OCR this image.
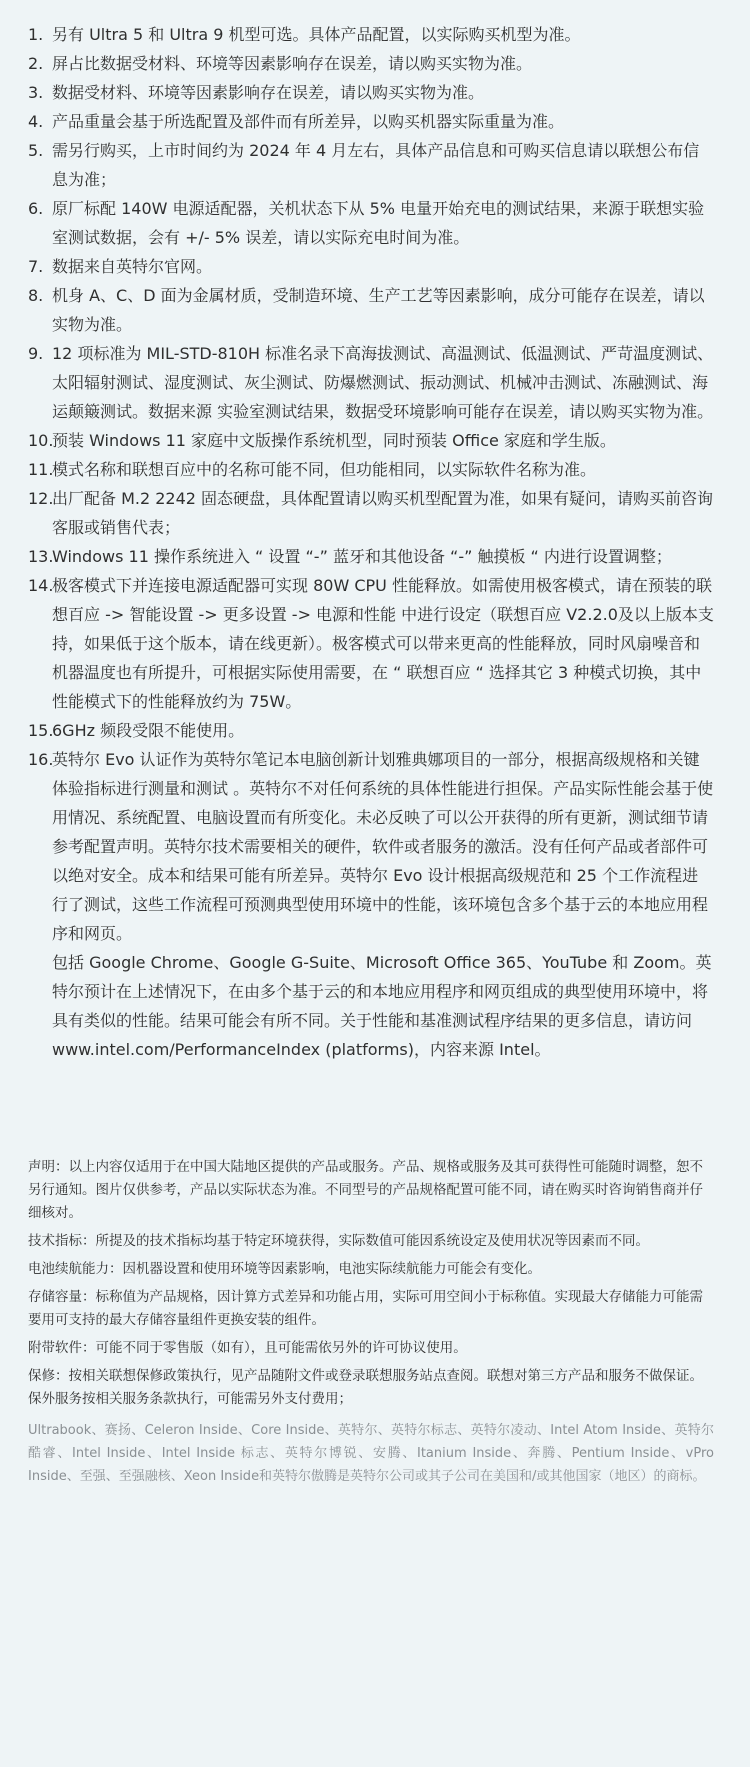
1. 另有 Ultra 5 和 Ultra 9 机型可选。具体产品配置，以实际购买机型为准。
2. 屏占比数据受材料、环境等因素影响存在误差，请以购买实物为准。
3. 数据受材料、环境等因素影响存在误差，请以购买实物为准。
4. 产品重量会基于所选配置及部件而有所差异，以购买机器实际重量为准。
5. 需另行购买，上市时间约为 2024 年 4 月左右，具体产品信息和可购买信息请以联想公布信息为准；
6. 原厂标配 140W 电源适配器，关机状态下从 5% 电量开始充电的测试结果，来源于联想实验室测试数据，会有 +/- 5% 误差，请以实际充电时间为准。
7. 数据来自英特尔官网。
8. 机身 A、C、D 面为金属材质，受制造环境、生产工艺等因素影响，成分可能存在误差，请以实物为准。
9. 12 项标准为 MIL-STD-810H 标准名录下高海拔测试、高温测试、低温测试、严苛温度测试、太阳辐射测试、湿度测试、灰尘测试、防爆燃测试、振动测试、机械冲击测试、冻融测试、海运颠簸测试。数据来源 实验室测试结果，数据受环境影响可能存在误差，请以购买实物为准。
10.
预装 Windows 11 家庭中文版操作系统机型，同时预装 Office 家庭和学生版。
11.
模式名称和联想百应中的名称可能不同，但功能相同，以实际软件名称为准。
12.
出厂配备 M.2 2242 固态硬盘，具体配置请以购买机型配置为准，如果有疑问，请购买前咨询客服或销售代表；
13.
Windows 11 操作系统进入 “ 设置 “-” 蓝牙和其他设备 “-” 触摸板 “ 内进行设置调整；
14.
极客模式下并连接电源适配器可实现 80W CPU 性能释放。如需使用极客模式，请在预装的联想百应 -> 智能设置 -> 更多设置 -> 电源和性能 中进行设定（联想百应 V2.2.0及以上版本支持，如果低于这个版本，请在线更新）。极客模式可以带来更高的性能释放，同时风扇噪音和机器温度也有所提升，可根据实际使用需要，在 “ 联想百应 “ 选择其它 3 种模式切换，其中性能模式下的性能释放约为 75W。
15.
6GHz 频段受限不能使用。
16.
英特尔 Evo 认证作为英特尔笔记本电脑创新计划雅典娜项目的一部分，根据高级规格和关键体验指标进行测量和测试 。英特尔不对任何系统的具体性能进行担保。产品实际性能会基于使用情况、系统配置、电脑设置而有所变化。未必反映了可以公开获得的所有更新，测试细节请参考配置声明。英特尔技术需要相关的硬件，软件或者服务的激活。没有任何产品或者部件可以绝对安全。成本和结果可能有所差异。英特尔 Evo 设计根据高级规范和 25 个工作流程进行了测试，这些工作流程可预测典型使用环境中的性能，该环境包含多个基于云的本地应用程序和网页。
包括 Google Chrome、Google G-Suite、Microsoft Office 365、YouTube 和 Zoom。英特尔预计在上述情况下，在由多个基于云的和本地应用程序和网页组成的典型使用环境中，将具有类似的性能。结果可能会有所不同。关于性能和基准测试程序结果的更多信息，请访问 www.intel.com/PerformanceIndex (platforms)，内容来源 Intel。

声明：以上内容仅适用于在中国大陆地区提供的产品或服务。产品、规格或服务及其可获得性可能随时调整，恕不另行通知。图片仅供参考，产品以实际状态为准。不同型号的产品规格配置可能不同，请在购买时咨询销售商并仔细核对。

技术指标：所提及的技术指标均基于特定环境获得，实际数值可能因系统设定及使用状况等因素而不同。

电池续航能力：因机器设置和使用环境等因素影响，电池实际续航能力可能会有变化。

存储容量：标称值为产品规格，因计算方式差异和功能占用，实际可用空间小于标称值。实现最大存储能力可能需要用可支持的最大存储容量组件更换安装的组件。

附带软件：可能不同于零售版（如有），且可能需依另外的许可协议使用。

保修：按相关联想保修政策执行，见产品随附文件或登录联想服务站点查阅。联想对第三方产品和服务不做保证。保外服务按相关服务条款执行，可能需另外支付费用；

Ultrabook、赛扬、Celeron Inside、Core Inside、英特尔、英特尔标志、英特尔凌动、Intel Atom Inside、英特尔酷睿、Intel Inside、Intel Inside 标志、英特尔博锐、安腾、Itanium Inside、奔腾、Pentium Inside、vPro Inside、至强、至强融核、Xeon Inside和英特尔傲腾是英特尔公司或其子公司在美国和/或其他国家（地区）的商标。
